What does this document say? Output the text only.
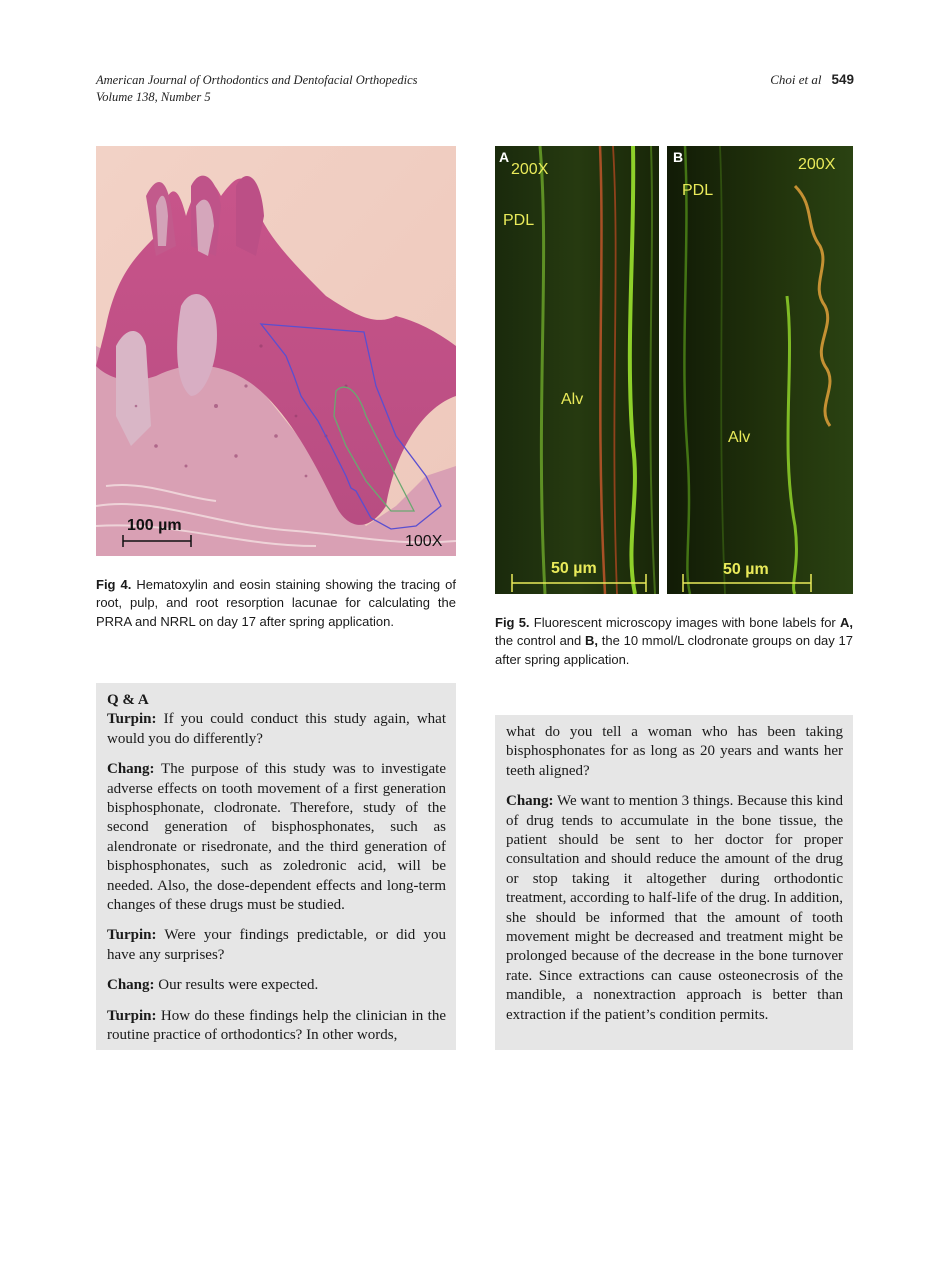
American Journal of Orthodontics and Dentofacial Orthopedics
Volume 138, Number 5
Choi et al 549
100 µm
100X
A
200X
PDL
Alv
50 µm
B	200X
PDL
Alv
50 µm
Fig 4. Hematoxylin and eosin staining showing the tracing of root, pulp, and root resorption lacunae for calculating the PRRA and NRRL on day 17 after spring application.	Fig 5. Fluorescent microscopy images with bone labels for A, the control and B, the 10 mmol/L clodronate groups on day 17 after spring application.

Q & A

Turpin: If you could conduct this study again, what would you do differently?

Chang: The purpose of this study was to investigate adverse effects on tooth movement of a first generation bisphosphonate, clodronate. Therefore, study of the second generation of bisphosphonates, such as alendronate or risedronate, and the third generation of bisphosphonates, such as zoledronic acid, will be needed. Also, the dose-dependent effects and long-term changes of these drugs must be studied.

Turpin: Were your findings predictable, or did you have any surprises?

Chang: Our results were expected.

Turpin: How do these findings help the clinician in the routine practice of orthodontics? In other words,

what do you tell a woman who has been taking bisphosphonates for as long as 20 years and wants her teeth aligned?

Chang: We want to mention 3 things. Because this kind of drug tends to accumulate in the bone tissue, the patient should be sent to her doctor for proper consultation and should reduce the amount of the drug or stop taking it altogether during orthodontic treatment, according to half-life of the drug. In addition, she should be informed that the amount of tooth movement might be decreased and treatment might be prolonged because of the decrease in the bone turnover rate. Since extractions can cause osteonecrosis of the mandible, a nonextraction approach is better than extraction if the patient’s condition permits.
